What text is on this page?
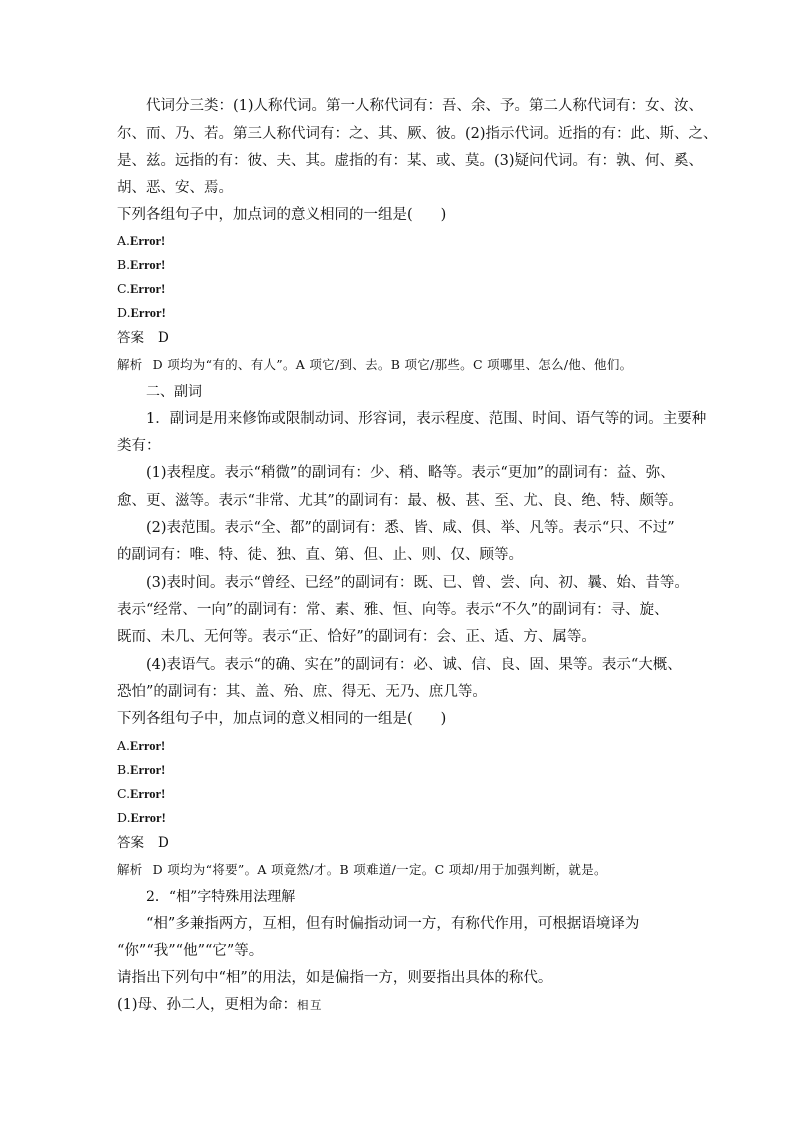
代词分三类：(1)人称代词。第一人称代词有：吾、余、予。第二人称代词有：女、汝、
尔、而、乃、若。第三人称代词有：之、其、厥、彼。(2)指示代词。近指的有：此、斯、之、
是、兹。远指的有：彼、夫、其。虚指的有：某、或、莫。(3)疑问代词。有：孰、何、奚、
胡、恶、安、焉。
下列各组句子中，加点词的意义相同的一组是( )
A.Error!
B.Error!
C.Error!
D.Error!
答案 D
解析 D 项均为“有的、有人”。A 项它/到、去。B 项它/那些。C 项哪里、怎么/他、他们。
二、副词
1．副词是用来修饰或限制动词、形容词，表示程度、范围、时间、语气等的词。主要种
类有：
(1)表程度。表示“稍微”的副词有：少、稍、略等。表示“更加”的副词有：益、弥、
愈、更、滋等。表示“非常、尤其”的副词有：最、极、甚、至、尤、良、绝、特、颇等。
(2)表范围。表示“全、都”的副词有：悉、皆、咸、俱、举、凡等。表示“只、不过”
的副词有：唯、特、徒、独、直、第、但、止、则、仅、顾等。
(3)表时间。表示“曾经、已经”的副词有：既、已、曾、尝、向、初、曩、始、昔等。
表示“经常、一向”的副词有：常、素、雅、恒、向等。表示“不久”的副词有：寻、旋、
既而、未几、无何等。表示“正、恰好”的副词有：会、正、适、方、属等。
(4)表语气。表示“的确、实在”的副词有：必、诚、信、良、固、果等。表示“大概、
恐怕”的副词有：其、盖、殆、庶、得无、无乃、庶几等。
下列各组句子中，加点词的意义相同的一组是( )
A.Error!
B.Error!
C.Error!
D.Error!
答案 D
解析 D 项均为“将要”。A 项竟然/才。B 项难道/一定。C 项却/用于加强判断，就是。
2．“相”字特殊用法理解
“相”多兼指两方，互相，但有时偏指动词一方，有称代作用，可根据语境译为
“你”“我”“他”“它”等。
请指出下列句中“相”的用法，如是偏指一方，则要指出具体的称代。
(1)母、孙二人，更相为命：相互
